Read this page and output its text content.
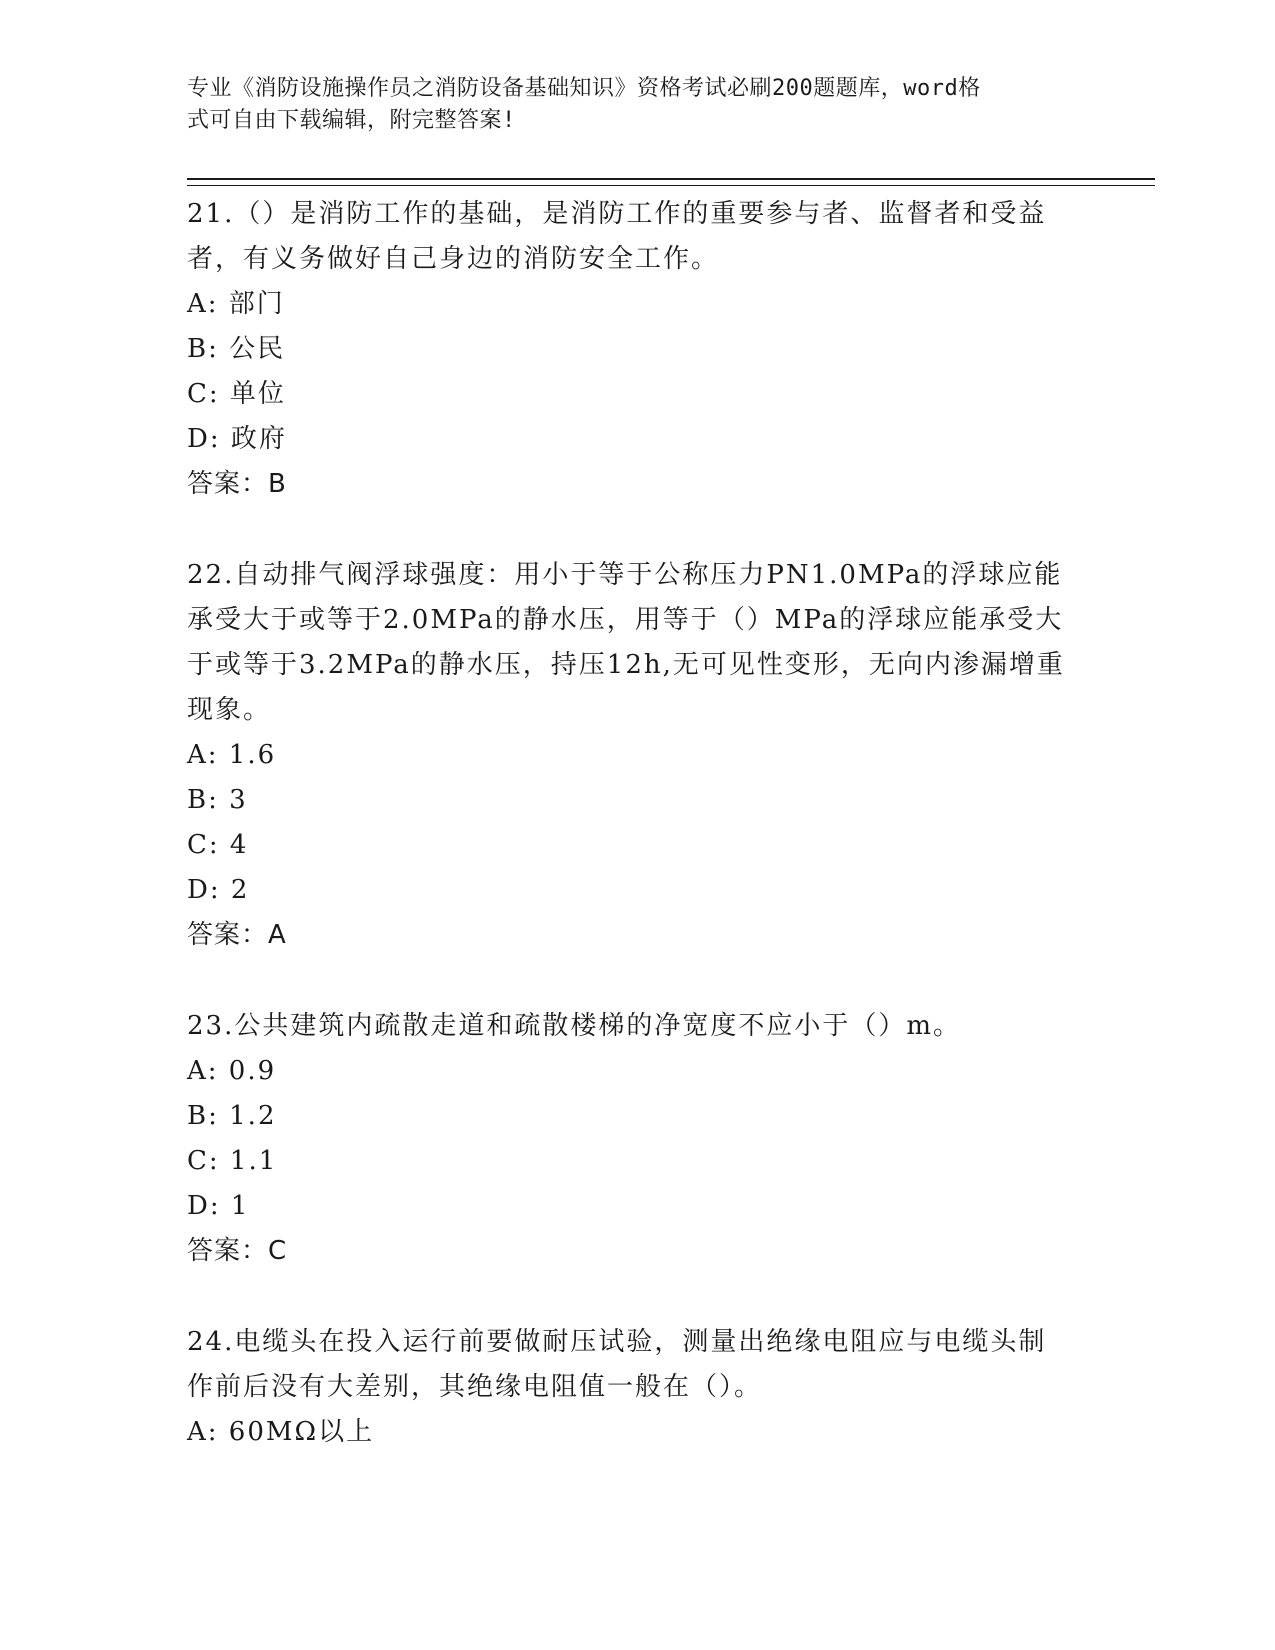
专业《消防设施操作员之消防设备基础知识》资格考试必刷200题题库，word格
式可自由下载编辑，附完整答案!
21.（）是消防工作的基础，是消防工作的重要参与者、监督者和受益
者，有义务做好自己身边的消防安全工作。
A: 部门
B: 公民
C: 单位
D: 政府
答案：B
22.自动排气阀浮球强度：用小于等于公称压力PN1.0MPa的浮球应能
承受大于或等于2.0MPa的静水压，用等于（）MPa的浮球应能承受大
于或等于3.2MPa的静水压，持压12h,无可见性变形，无向内渗漏增重
现象。
A: 1.6
B: 3
C: 4
D: 2
答案：A
23.公共建筑内疏散走道和疏散楼梯的净宽度不应小于（）m。
A: 0.9
B: 1.2
C: 1.1
D: 1
答案：C
24.电缆头在投入运行前要做耐压试验，测量出绝缘电阻应与电缆头制
作前后没有大差别，其绝缘电阻值一般在（）。
A: 60MΩ以上
